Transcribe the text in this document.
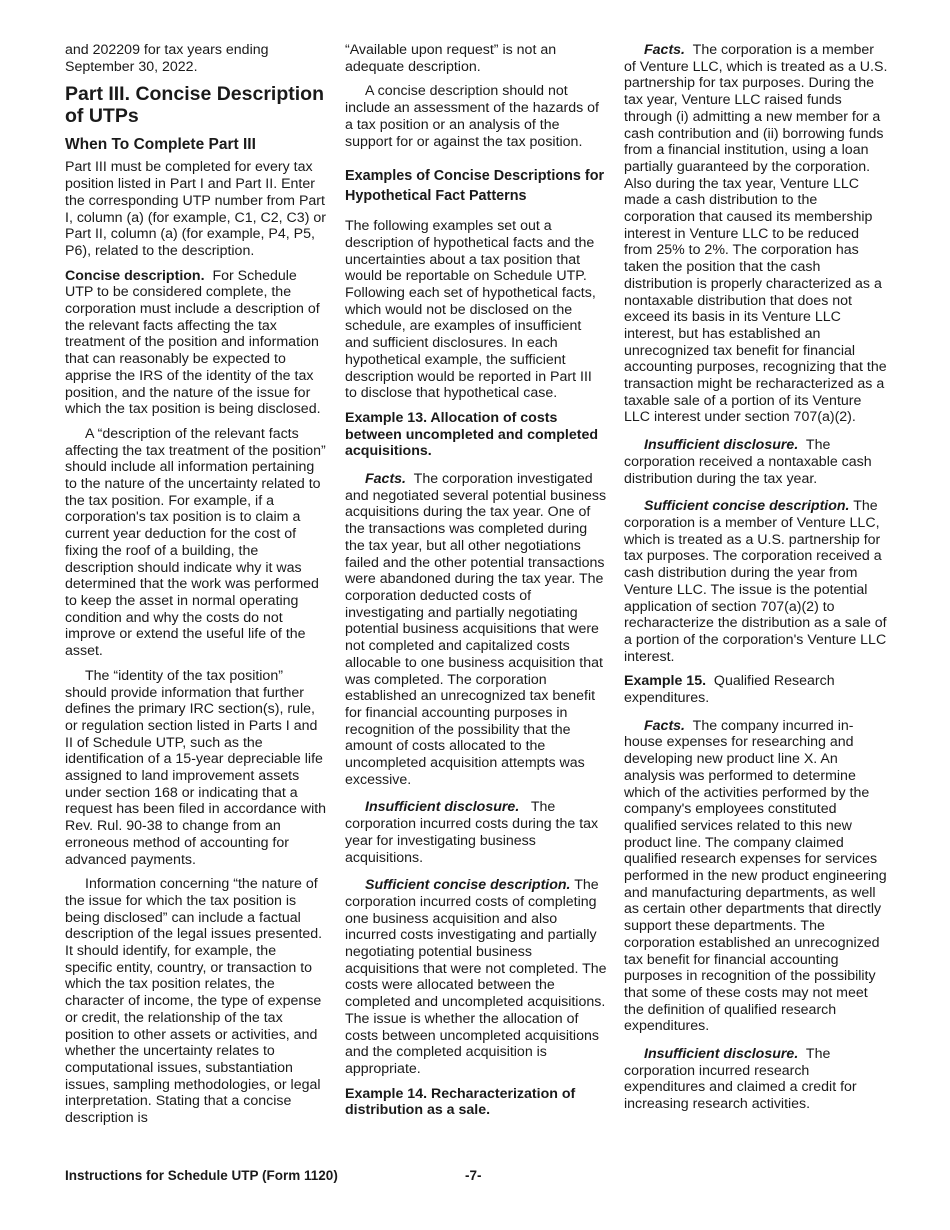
and 202209 for tax years ending September 30, 2022.

Part III. Concise Description of UTPs
When To Complete Part III

Part III must be completed for every tax position listed in Part I and Part II. Enter the corresponding UTP number from Part I, column (a) (for example, C1, C2, C3) or Part II, column (a) (for example, P4, P5, P6), related to the description.

Concise description. For Schedule UTP to be considered complete, the corporation must include a description of the relevant facts affecting the tax treatment of the position and information that can reasonably be expected to apprise the IRS of the identity of the tax position, and the nature of the issue for which the tax position is being disclosed.

A “description of the relevant facts affecting the tax treatment of the position” should include all information pertaining to the nature of the uncertainty related to the tax position. For example, if a corporation's tax position is to claim a current year deduction for the cost of fixing the roof of a building, the description should indicate why it was determined that the work was performed to keep the asset in normal operating condition and why the costs do not improve or extend the useful life of the asset.

The “identity of the tax position” should provide information that further defines the primary IRC section(s), rule, or regulation section listed in Parts I and II of Schedule UTP, such as the identification of a 15-year depreciable life assigned to land improvement assets under section 168 or indicating that a request has been filed in accordance with Rev. Rul. 90-38 to change from an erroneous method of accounting for advanced payments.

Information concerning “the nature of the issue for which the tax position is being disclosed” can include a factual description of the legal issues presented. It should identify, for example, the specific entity, country, or transaction to which the tax position relates, the character of income, the type of expense or credit, the relationship of the tax position to other assets or activities, and whether the uncertainty relates to computational issues, substantiation issues, sampling methodologies, or legal interpretation. Stating that a concise description is

“Available upon request” is not an adequate description.

A concise description should not include an assessment of the hazards of a tax position or an analysis of the support for or against the tax position.

Examples of Concise Descriptions for Hypothetical Fact Patterns

The following examples set out a description of hypothetical facts and the uncertainties about a tax position that would be reportable on Schedule UTP. Following each set of hypothetical facts, which would not be disclosed on the schedule, are examples of insufficient and sufficient disclosures. In each hypothetical example, the sufficient description would be reported in Part III to disclose that hypothetical case.

Example 13. Allocation of costs between uncompleted and completed acquisitions.

Facts. The corporation investigated and negotiated several potential business acquisitions during the tax year. One of the transactions was completed during the tax year, but all other negotiations failed and the other potential transactions were abandoned during the tax year. The corporation deducted costs of investigating and partially negotiating potential business acquisitions that were not completed and capitalized costs allocable to one business acquisition that was completed. The corporation established an unrecognized tax benefit for financial accounting purposes in recognition of the possibility that the amount of costs allocated to the uncompleted acquisition attempts was excessive.

Insufficient disclosure. The corporation incurred costs during the tax year for investigating business acquisitions.

Sufficient concise description. The corporation incurred costs of completing one business acquisition and also incurred costs investigating and partially negotiating potential business acquisitions that were not completed. The costs were allocated between the completed and uncompleted acquisitions. The issue is whether the allocation of costs between uncompleted acquisitions and the completed acquisition is appropriate.

Example 14. Recharacterization of distribution as a sale.

Facts. The corporation is a member of Venture LLC, which is treated as a U.S. partnership for tax purposes. During the tax year, Venture LLC raised funds through (i) admitting a new member for a cash contribution and (ii) borrowing funds from a financial institution, using a loan partially guaranteed by the corporation. Also during the tax year, Venture LLC made a cash distribution to the corporation that caused its membership interest in Venture LLC to be reduced from 25% to 2%. The corporation has taken the position that the cash distribution is properly characterized as a nontaxable distribution that does not exceed its basis in its Venture LLC interest, but has established an unrecognized tax benefit for financial accounting purposes, recognizing that the transaction might be recharacterized as a taxable sale of a portion of its Venture LLC interest under section 707(a)(2).

Insufficient disclosure. The corporation received a nontaxable cash distribution during the tax year.

Sufficient concise description. The corporation is a member of Venture LLC, which is treated as a U.S. partnership for tax purposes. The corporation received a cash distribution during the year from Venture LLC. The issue is the potential application of section 707(a)(2) to recharacterize the distribution as a sale of a portion of the corporation's Venture LLC interest.

Example 15. Qualified Research expenditures.

Facts. The company incurred in-house expenses for researching and developing new product line X. An analysis was performed to determine which of the activities performed by the company's employees constituted qualified services related to this new product line. The company claimed qualified research expenses for services performed in the new product engineering and manufacturing departments, as well as certain other departments that directly support these departments. The corporation established an unrecognized tax benefit for financial accounting purposes in recognition of the possibility that some of these costs may not meet the definition of qualified research expenditures.

Insufficient disclosure. The corporation incurred research expenditures and claimed a credit for increasing research activities.

Instructions for Schedule UTP (Form 1120)	-7-
